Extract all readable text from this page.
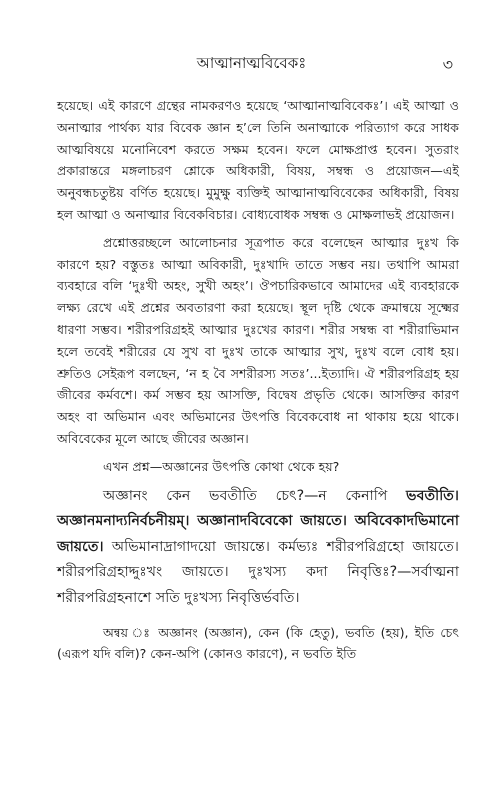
আত্মানাত্মবিবেকঃ	৩

হয়েছে। এই কারণে গ্রন্থের নামকরণও হয়েছে ‘আত্মানাত্মবিবেকঃ’। এই আত্মা ও অনাত্মার পার্থক্য যার বিবেক জ্ঞান হ’লে তিনি অনাত্মাকে পরিত্যাগ করে সাধক আত্মবিষয়ে মনোনিবেশ করতে সক্ষম হবেন। ফলে মোক্ষপ্রাপ্ত হবেন। সুতরাং প্রকারান্তরে মঙ্গলাচরণ শ্লোকে অধিকারী, বিষয়, সম্বন্ধ ও প্রয়োজন—এই অনুবন্ধচতুষ্টয় বর্ণিত হয়েছে। মুমুক্ষু ব্যক্তিই আত্মানাত্মবিবেকের অধিকারী, বিষয় হল আত্মা ও অনাত্মার বিবেকবিচার। বোধ্যবোধক সম্বন্ধ ও মোক্ষলাভই প্রয়োজন।

প্রশ্নোত্তরচ্ছলে আলোচনার সূত্রপাত করে বলেছেন আত্মার দুঃখ কি কারণে হয়? বস্তুতঃ আত্মা অবিকারী, দুঃখাদি তাতে সম্ভব নয়। তথাপি আমরা ব্যবহারে বলি ‘দুঃখী অহং, সুখী অহং’। ঔপচারিকভাবে আমাদের এই ব্যবহারকে লক্ষ্য রেখে এই প্রশ্নের অবতারণা করা হয়েছে। স্থূল দৃষ্টি থেকে ক্রমান্বয়ে সূক্ষ্মের ধারণা সম্ভব। শরীরপরিগ্রহই আত্মার দুঃখের কারণ। শরীর সম্বন্ধ বা শরীরাভিমান হলে তবেই শরীরের যে সুখ বা দুঃখ তাকে আত্মার সুখ, দুঃখ বলে বোধ হয়। শ্রুতিও সেইরূপ বলছেন, ‘ন হ বৈ সশরীরস্য সতঃ’...ইত্যাদি। ঐ শরীরপরিগ্রহ হয় জীবের কর্মবশে। কর্ম সম্ভব হয় আসক্তি, বিদ্বেষ প্রভৃতি থেকে। আসক্তির কারণ অহং বা অভিমান এবং অভিমানের উৎপত্তি বিবেকবোধ না থাকায় হয়ে থাকে। অবিবেকের মূলে আছে জীবের অজ্ঞান।

এখন প্রশ্ন—অজ্ঞানের উৎপত্তি কোথা থেকে হয়?

অজ্ঞানং কেন ভবতীতি চেৎ?—ন কেনাপি ভবতীতি। অজ্ঞানমনাদ্যনির্বচনীয়ম্। অজ্ঞানাদবিবেকো জায়তে। অবিবেকাদভিমানো জায়তে। অভিমানাদ্রাগাদয়ো জায়ন্তে। কর্মভ্যঃ শরীরপরিগ্রহো জায়তে। শরীরপরিগ্রহাদ্দুঃখং জায়তে। দুঃখস্য কদা নিবৃত্তিঃ?—সর্বাত্মনা শরীরপরিগ্রহনাশে সতি দুঃখস্য নিবৃত্তির্ভবতি।

অন্বয় ঃ অজ্ঞানং (অজ্ঞান), কেন (কি হেতু), ভবতি (হয়), ইতি চেৎ (এরূপ যদি বলি)? কেন-অপি (কোনও কারণে), ন ভবতি ইতি
